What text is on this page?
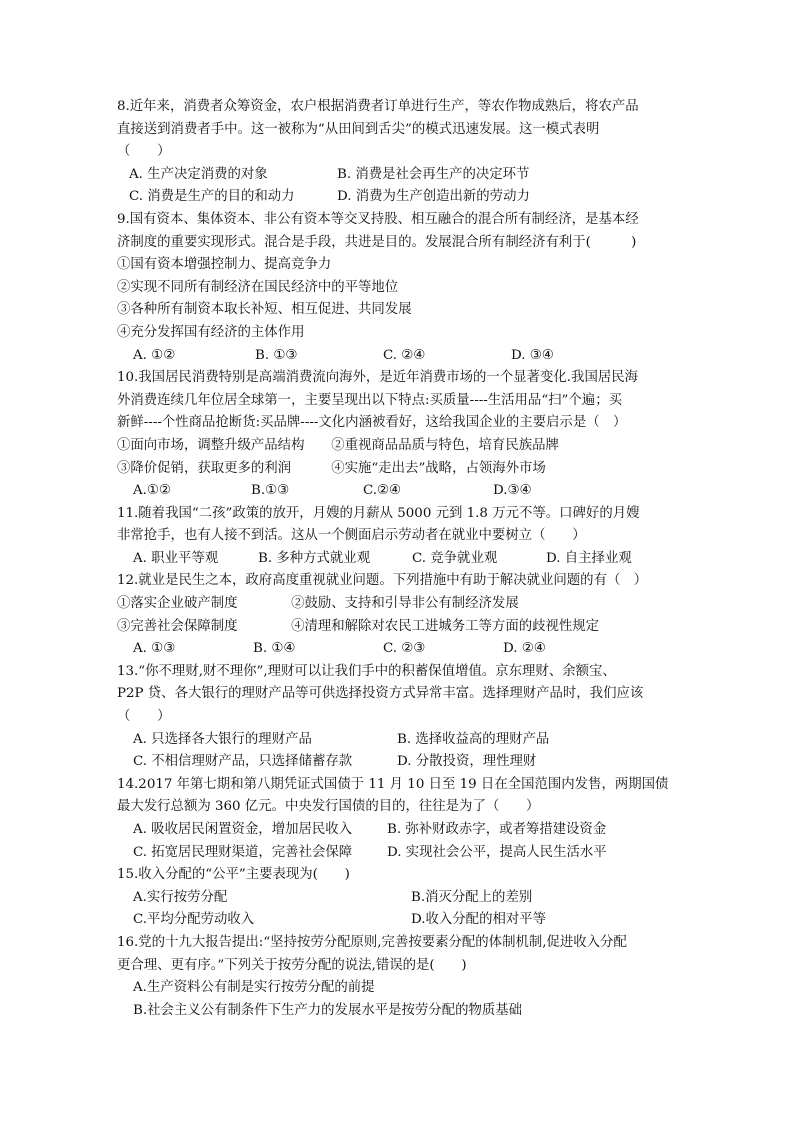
8.近年来，消费者众筹资金，农户根据消费者订单进行生产，等农作物成熟后，将农产品
直接送到消费者手中。这一被称为“从田间到舌尖”的模式迅速发展。这一模式表明
（　　）
A. 生产决定消费的对象	B. 消费是社会再生产的决定环节
C. 消费是生产的目的和动力	D. 消费为生产创造出新的劳动力
9.国有资本、集体资本、非公有资本等交叉持股、相互融合的混合所有制经济，是基本经
济制度的重要实现形式。混合是手段，共进是目的。发展混合所有制经济有利于(　　　)
①国有资本增强控制力、提高竞争力
②实现不同所有制经济在国民经济中的平等地位
③各种所有制资本取长补短、相互促进、共同发展
④充分发挥国有经济的主体作用
A. ①②	B. ①③	C. ②④	D. ③④
10.我国居民消费特别是高端消费流向海外，是近年消费市场的一个显著变化.我国居民海
外消费连续几年位居全球第一，主要呈现出以下特点:买质量----生活用品“扫”个遍；买
新鲜----个性商品抢断货:买品牌----文化内涵被看好，这给我国企业的主要启示是（　）
①面向市场，调整升级产品结构　　②重视商品品质与特色，培育民族品牌
③降价促销，获取更多的利润　　　④实施“走出去”战略，占领海外市场
A.①②	B.①③	C.②④	D.③④
11.随着我国“二孩”政策的放开，月嫂的月薪从 5000 元到 1.8 万元不等。口碑好的月嫂
非常抢手，也有人接不到活。这从一个侧面启示劳动者在就业中要树立（　　）
A. 职业平等观	B. 多种方式就业观	C. 竞争就业观	D. 自主择业观
12.就业是民生之本，政府高度重视就业问题。下列措施中有助于解决就业问题的有（　）
①落实企业破产制度　　　　②鼓励、支持和引导非公有制经济发展
③完善社会保障制度　　　　④清理和解除对农民工进城务工等方面的歧视性规定
A. ①③	B. ①④	C. ②③	D. ②④
13.“你不理财,财不理你”,理财可以让我们手中的积蓄保值增值。京东理财、余额宝、
P2P 贷、各大银行的理财产品等可供选择投资方式异常丰富。选择理财产品时，我们应该
（　　）
A. 只选择各大银行的理财产品	B. 选择收益高的理财产品
C. 不相信理财产品，只选择储蓄存款	D. 分散投资，理性理财
14.2017 年第七期和第八期凭证式国债于 11 月 10 日至 19 日在全国范围内发售，两期国债
最大发行总额为 360 亿元。中央发行国债的目的，往往是为了（　　）
A. 吸收居民闲置资金，增加居民收入	B. 弥补财政赤字，或者筹措建设资金
C. 拓宽居民理财渠道，完善社会保障	D. 实现社会公平，提高人民生活水平
15.收入分配的“公平”主要表现为(　　)
A.实行按劳分配	B.消灭分配上的差别
C.平均分配劳动收入	D.收入分配的相对平等
16.党的十九大报告提出:“坚持按劳分配原则,完善按要素分配的体制机制,促进收入分配
更合理、更有序。”下列关于按劳分配的说法,错误的是(　　)
A.生产资料公有制是实行按劳分配的前提
B.社会主义公有制条件下生产力的发展水平是按劳分配的物质基础
